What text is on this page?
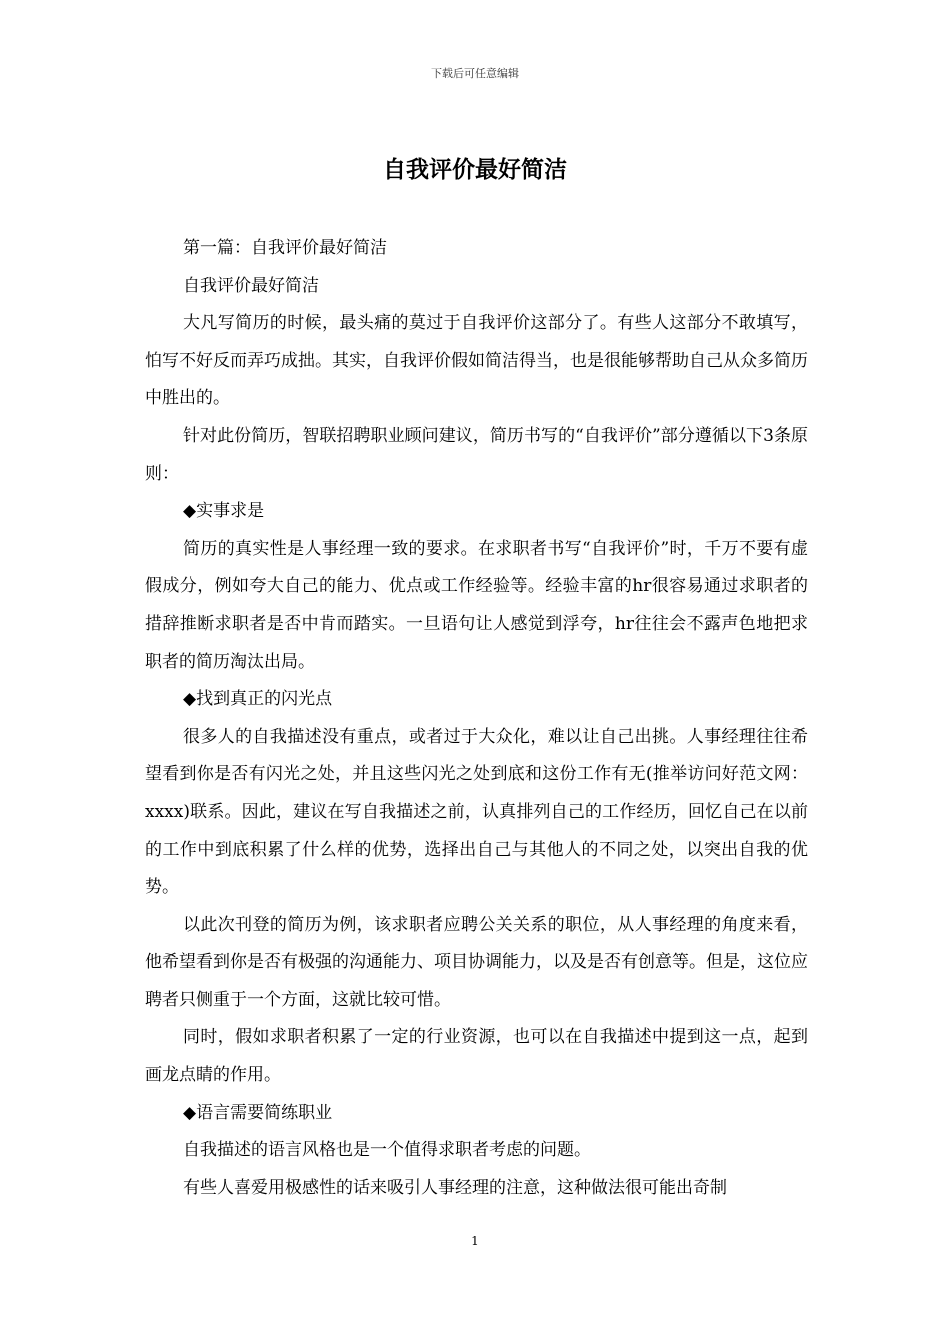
下载后可任意编辑
自我评价最好简洁

第一篇：自我评价最好简洁

自我评价最好简洁

大凡写简历的时候，最头痛的莫过于自我评价这部分了。有些人这部分不敢填写，怕写不好反而弄巧成拙。其实，自我评价假如简洁得当，也是很能够帮助自己从众多简历中胜出的。

针对此份简历，智联招聘职业顾问建议，简历书写的“自我评价”部分遵循以下3条原则：

◆实事求是

简历的真实性是人事经理一致的要求。在求职者书写“自我评价”时，千万不要有虚假成分，例如夸大自己的能力、优点或工作经验等。经验丰富的hr很容易通过求职者的措辞推断求职者是否中肯而踏实。一旦语句让人感觉到浮夸，hr往往会不露声色地把求职者的简历淘汰出局。

◆找到真正的闪光点

很多人的自我描述没有重点，或者过于大众化，难以让自己出挑。人事经理往往希望看到你是否有闪光之处，并且这些闪光之处到底和这份工作有无(推举访问好范文网：xxxx)联系。因此，建议在写自我描述之前，认真排列自己的工作经历，回忆自己在以前的工作中到底积累了什么样的优势，选择出自己与其他人的不同之处，以突出自我的优势。

以此次刊登的简历为例，该求职者应聘公关关系的职位，从人事经理的角度来看，他希望看到你是否有极强的沟通能力、项目协调能力，以及是否有创意等。但是，这位应聘者只侧重于一个方面，这就比较可惜。

同时，假如求职者积累了一定的行业资源，也可以在自我描述中提到这一点，起到画龙点睛的作用。

◆语言需要简练职业

自我描述的语言风格也是一个值得求职者考虑的问题。

有些人喜爱用极感性的话来吸引人事经理的注意，这种做法很可能出奇制

1
